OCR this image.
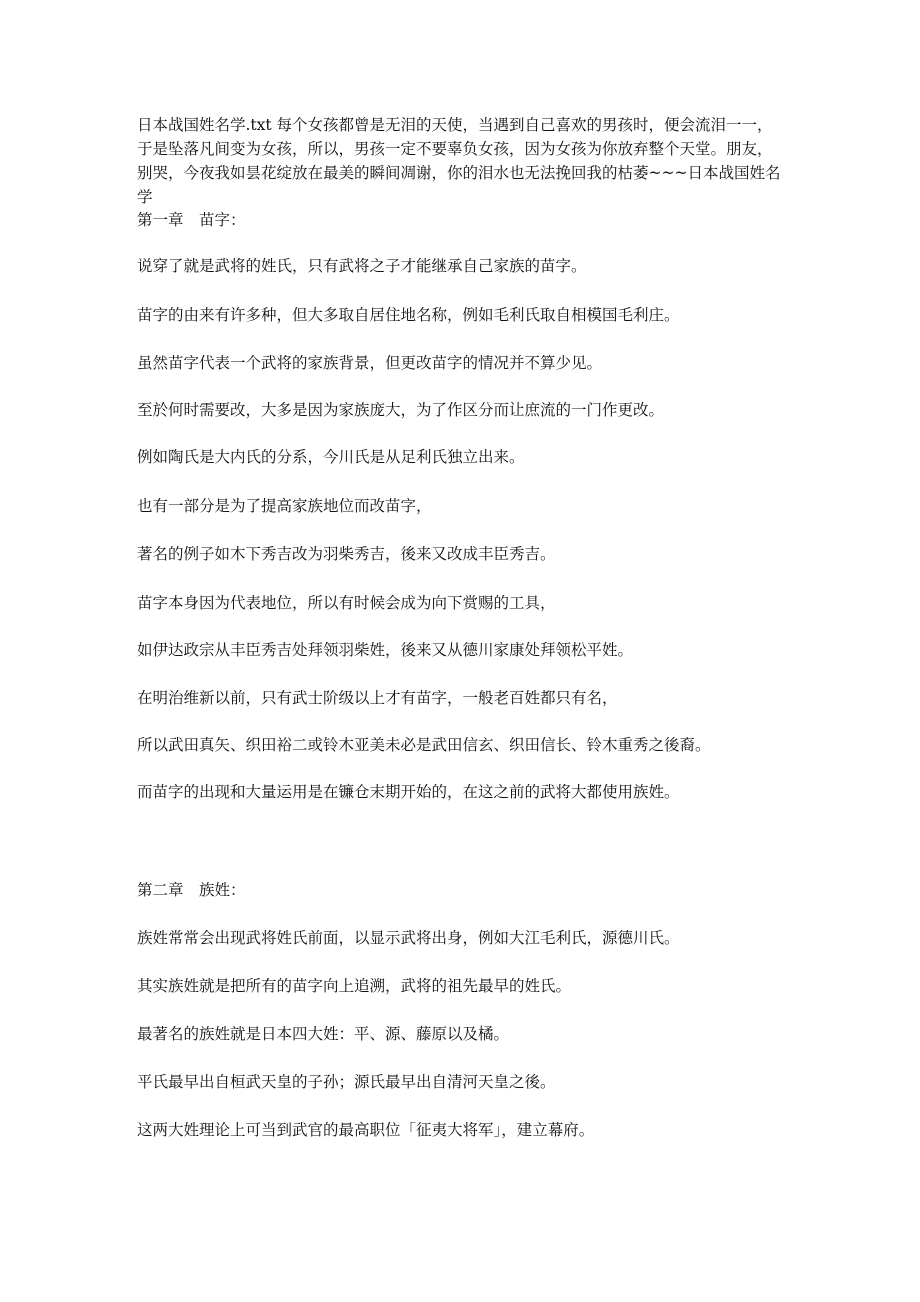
日本战国姓名学.txt 每个女孩都曾是无泪的天使，当遇到自己喜欢的男孩时，便会流泪一一，
于是坠落凡间变为女孩，所以，男孩一定不要辜负女孩，因为女孩为你放弃整个天堂。朋友，
别哭，今夜我如昙花绽放在最美的瞬间凋谢，你的泪水也无法挽回我的枯萎~~~日本战国姓名
学
第一章　苗字：
说穿了就是武将的姓氏，只有武将之子才能继承自己家族的苗字。
苗字的由来有许多种，但大多取自居住地名称，例如毛利氏取自相模国毛利庄。
虽然苗字代表一个武将的家族背景，但更改苗字的情况并不算少见。
至於何时需要改，大多是因为家族庞大，为了作区分而让庶流的一门作更改。
例如陶氏是大内氏的分系，今川氏是从足利氏独立出来。
也有一部分是为了提高家族地位而改苗字，
著名的例子如木下秀吉改为羽柴秀吉，後来又改成丰臣秀吉。
苗字本身因为代表地位，所以有时候会成为向下赏赐的工具，
如伊达政宗从丰臣秀吉处拜领羽柴姓，後来又从德川家康处拜领松平姓。
在明治维新以前，只有武士阶级以上才有苗字，一般老百姓都只有名，
所以武田真矢、织田裕二或铃木亚美未必是武田信玄、织田信长、铃木重秀之後裔。
而苗字的出现和大量运用是在镰仓末期开始的，在这之前的武将大都使用族姓。
第二章　族姓：
族姓常常会出现武将姓氏前面，以显示武将出身，例如大江毛利氏，源德川氏。
其实族姓就是把所有的苗字向上追溯，武将的祖先最早的姓氏。
最著名的族姓就是日本四大姓：平、源、藤原以及橘。
平氏最早出自桓武天皇的子孙；源氏最早出自清河天皇之後。
这两大姓理论上可当到武官的最高职位「征夷大将军」，建立幕府。
